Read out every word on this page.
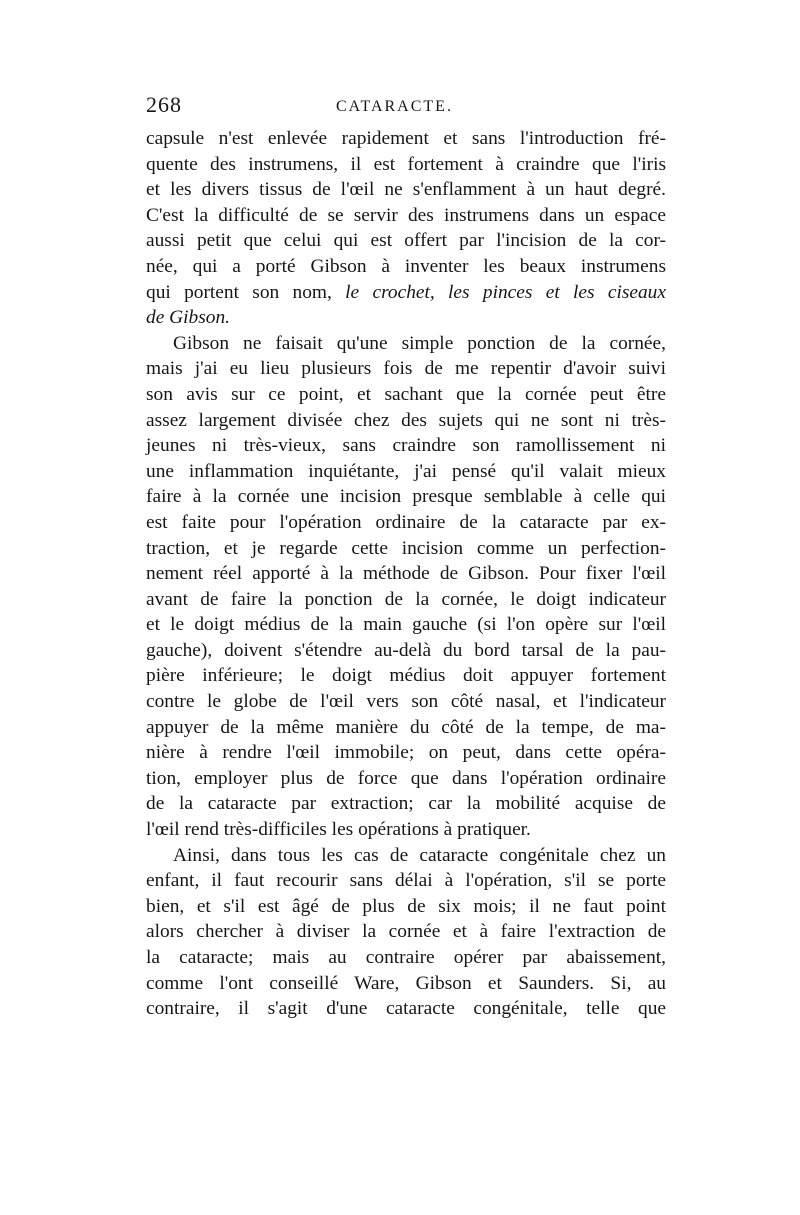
268	CATARACTE.
capsule n'est enlevée rapidement et sans l'introduction fré-
quente des instrumens, il est fortement à craindre que l'iris
et les divers tissus de l'œil ne s'enflamment à un haut degré.
C'est la difficulté de se servir des instrumens dans un espace
aussi petit que celui qui est offert par l'incision de la cor-
née, qui a porté Gibson à inventer les beaux instrumens
qui portent son nom, le crochet, les pinces et les ciseaux
de Gibson.
Gibson ne faisait qu'une simple ponction de la cornée,
mais j'ai eu lieu plusieurs fois de me repentir d'avoir suivi
son avis sur ce point, et sachant que la cornée peut être
assez largement divisée chez des sujets qui ne sont ni très-
jeunes ni très-vieux, sans craindre son ramollissement ni
une inflammation inquiétante, j'ai pensé qu'il valait mieux
faire à la cornée une incision presque semblable à celle qui
est faite pour l'opération ordinaire de la cataracte par ex-
traction, et je regarde cette incision comme un perfection-
nement réel apporté à la méthode de Gibson. Pour fixer l'œil
avant de faire la ponction de la cornée, le doigt indicateur
et le doigt médius de la main gauche (si l'on opère sur l'œil
gauche), doivent s'étendre au-delà du bord tarsal de la pau-
pière inférieure; le doigt médius doit appuyer fortement
contre le globe de l'œil vers son côté nasal, et l'indicateur
appuyer de la même manière du côté de la tempe, de ma-
nière à rendre l'œil immobile; on peut, dans cette opéra-
tion, employer plus de force que dans l'opération ordinaire
de la cataracte par extraction; car la mobilité acquise de
l'œil rend très-difficiles les opérations à pratiquer.
Ainsi, dans tous les cas de cataracte congénitale chez un
enfant, il faut recourir sans délai à l'opération, s'il se porte
bien, et s'il est âgé de plus de six mois; il ne faut point
alors chercher à diviser la cornée et à faire l'extraction de
la cataracte; mais au contraire opérer par abaissement,
comme l'ont conseillé Ware, Gibson et Saunders. Si, au
contraire, il s'agit d'une cataracte congénitale, telle que
